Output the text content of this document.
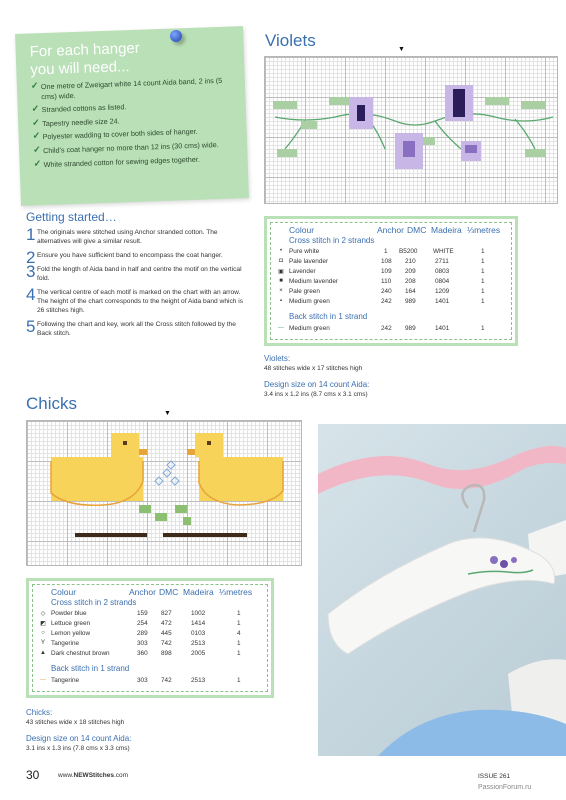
For each hanger
you will need...
✓ One metre of Zweigart white 14 count Aida band, 2 ins (5 cms) wide.
✓ Stranded cottons as listed.
✓ Tapestry needle size 24.
✓ Polyester wadding to cover both sides of hanger.
✓ Child's coat hanger no more than 12 ins (30 cms) wide.
✓ White stranded cotton for sewing edges together.
Getting started…
1 The originals were stitched using Anchor stranded cotton. The alternatives will give a similar result.
2 Ensure you have sufficient band to encompass the coat hanger.
3 Fold the length of Aida band in half and centre the motif on the vertical fold.
4 The vertical centre of each motif is marked on the chart with an arrow. The height of the chart corresponds to the height of Aida band which is 26 stitches high.
5 Following the chart and key, work all the Cross stitch followed by the Back stitch.
Violets	▼
Colour	Anchor DMC Madeira ⅓metres
Cross stitch in 2 strands
•	Pure white	1 B5200 WHITE	1
◘ Pale lavender	108 210	2711	1
▣ Lavender	109 209	0803	1
■ Medium lavender	110 208	0804	1
× Pale green	240 164	1209	1
▪	Medium green	242 989	1401	1
Back stitch in 1 strand
— Medium green	242 989	1401	1
Violets:
48 stitches wide x 17 stitches high
Design size on 14 count Aida:
3.4 ins x 1.2 ins (8.7 cms x 3.1 cms)
Chicks
▼
Colour	Anchor DMC Madeira ⅓metres
Cross stitch in 2 strands
◇ Powder blue	159 827	1002	1
◩ Lettuce green	254 472	1414	1
○ Lemon yellow	289 445	0103	4
Y Tangerine	303 742	2513	1
▲ Dark chestnut brown	360 898	2005	1
Back stitch in 1 strand
— Tangerine	303 742	2513	1
Chicks:
43 stitches wide x 18 stitches high
Design size on 14 count Aida:
3.1 ins x 1.3 ins (7.8 cms x 3.3 cms)
30	www.NEWStitches.com	ISSUE 261
PassionForum.ru
